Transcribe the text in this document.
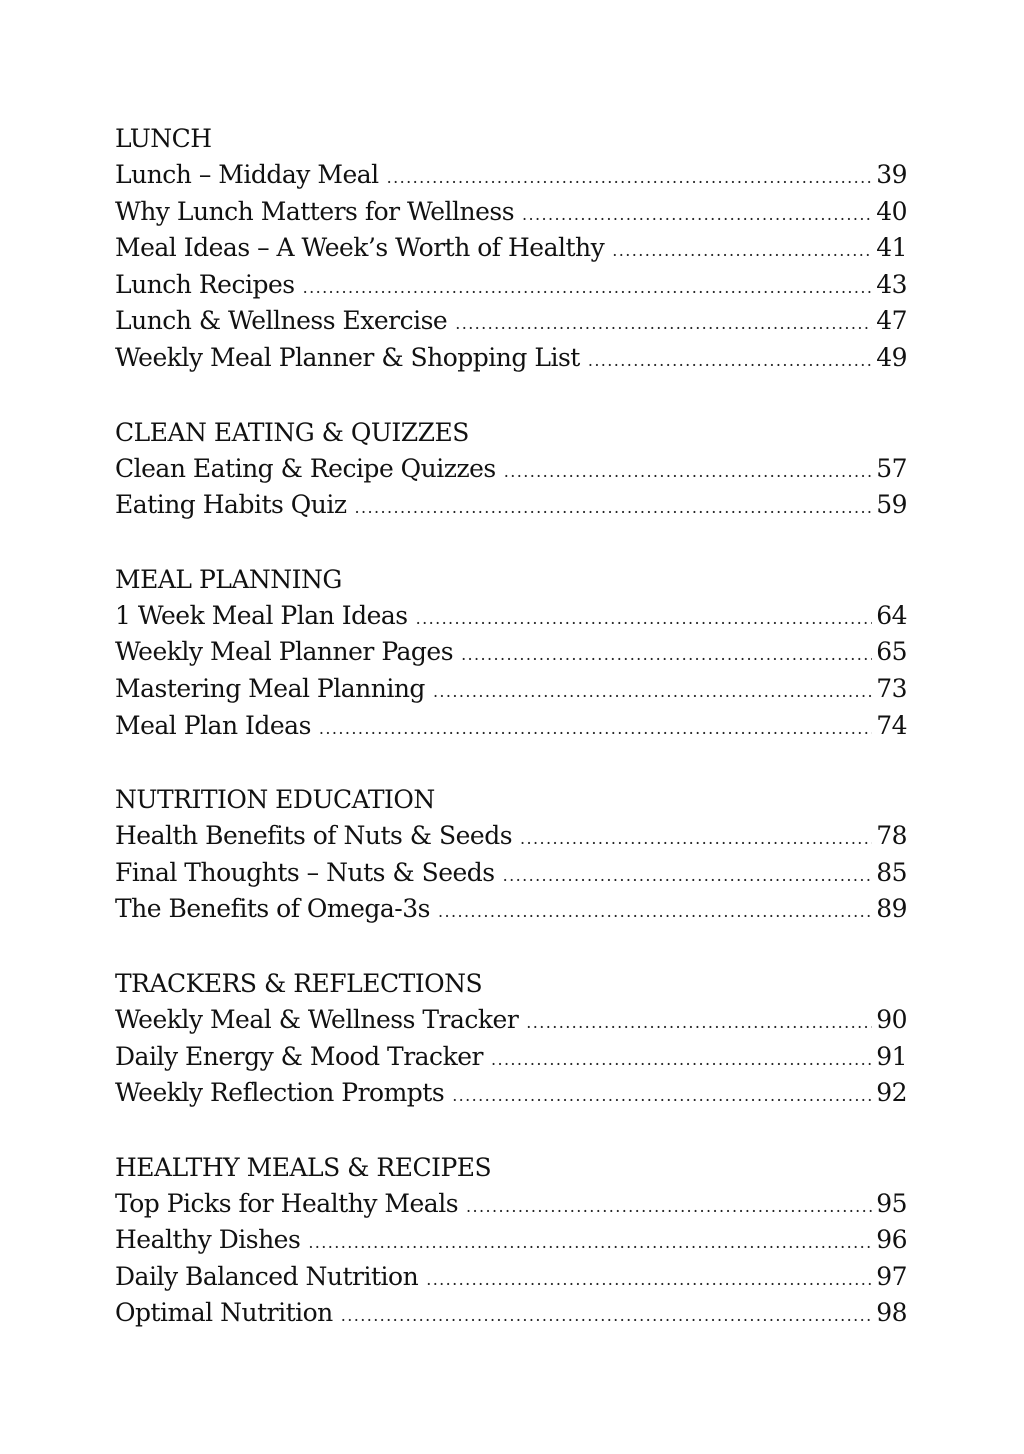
LUNCH
Lunch – Midday Meal .....	39
Why Lunch Matters for Wellness .....	40
Meal Ideas – A Week’s Worth of Healthy .....	41
Lunch Recipes .....	43
Lunch & Wellness Exercise .....	47
Weekly Meal Planner & Shopping List .....	49
CLEAN EATING & QUIZZES
Clean Eating & Recipe Quizzes .....	57
Eating Habits Quiz .....	59
MEAL PLANNING
1 Week Meal Plan Ideas .....	64
Weekly Meal Planner Pages .....	65
Mastering Meal Planning .....	73
Meal Plan Ideas .....	74
NUTRITION EDUCATION
Health Benefits of Nuts & Seeds .....	78
Final Thoughts – Nuts & Seeds .....	85
The Benefits of Omega-3s .....	89
TRACKERS & REFLECTIONS
Weekly Meal & Wellness Tracker .....	90
Daily Energy & Mood Tracker .....	91
Weekly Reflection Prompts .....	92
HEALTHY MEALS & RECIPES
Top Picks for Healthy Meals .....	95
Healthy Dishes .....	96
Daily Balanced Nutrition .....	97
Optimal Nutrition .....	98
